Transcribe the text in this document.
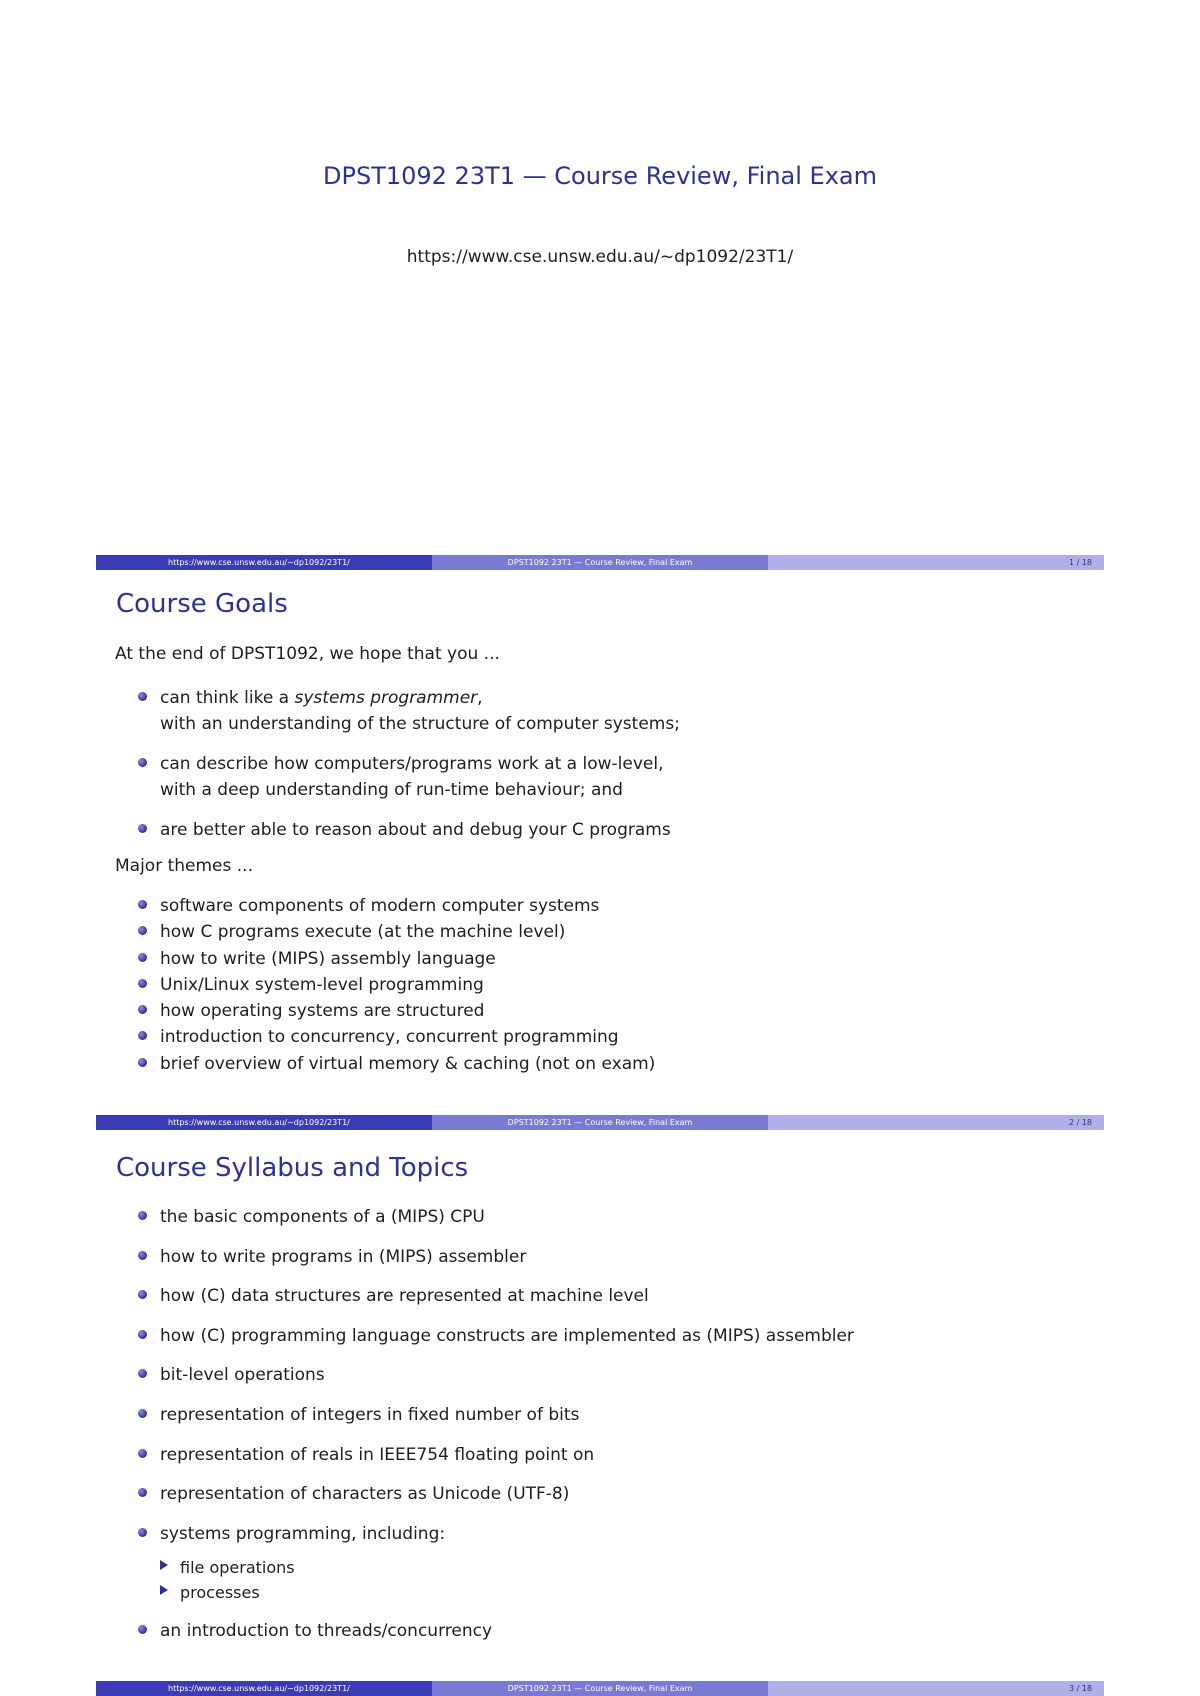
DPST1092 23T1 — Course Review, Final Exam
https://www.cse.unsw.edu.au/~dp1092/23T1/
https://www.cse.unsw.edu.au/~dp1092/23T1/	DPST1092 23T1 — Course Review, Final Exam	1 / 18
Course Goals
At the end of DPST1092, we hope that you ...
can think like a systems programmer,
with an understanding of the structure of computer systems;
can describe how computers/programs work at a low-level,
with a deep understanding of run-time behaviour; and
are better able to reason about and debug your C programs
Major themes ...
software components of modern computer systems
how C programs execute (at the machine level)
how to write (MIPS) assembly language
Unix/Linux system-level programming
how operating systems are structured
introduction to concurrency, concurrent programming
brief overview of virtual memory & caching (not on exam)
https://www.cse.unsw.edu.au/~dp1092/23T1/	DPST1092 23T1 — Course Review, Final Exam	2 / 18
Course Syllabus and Topics
the basic components of a (MIPS) CPU
how to write programs in (MIPS) assembler
how (C) data structures are represented at machine level
how (C) programming language constructs are implemented as (MIPS) assembler
bit-level operations
representation of integers in fixed number of bits
representation of reals in IEEE754 floating point on
representation of characters as Unicode (UTF-8)
systems programming, including:
file operations
processes
an introduction to threads/concurrency
https://www.cse.unsw.edu.au/~dp1092/23T1/	DPST1092 23T1 — Course Review, Final Exam	3 / 18
